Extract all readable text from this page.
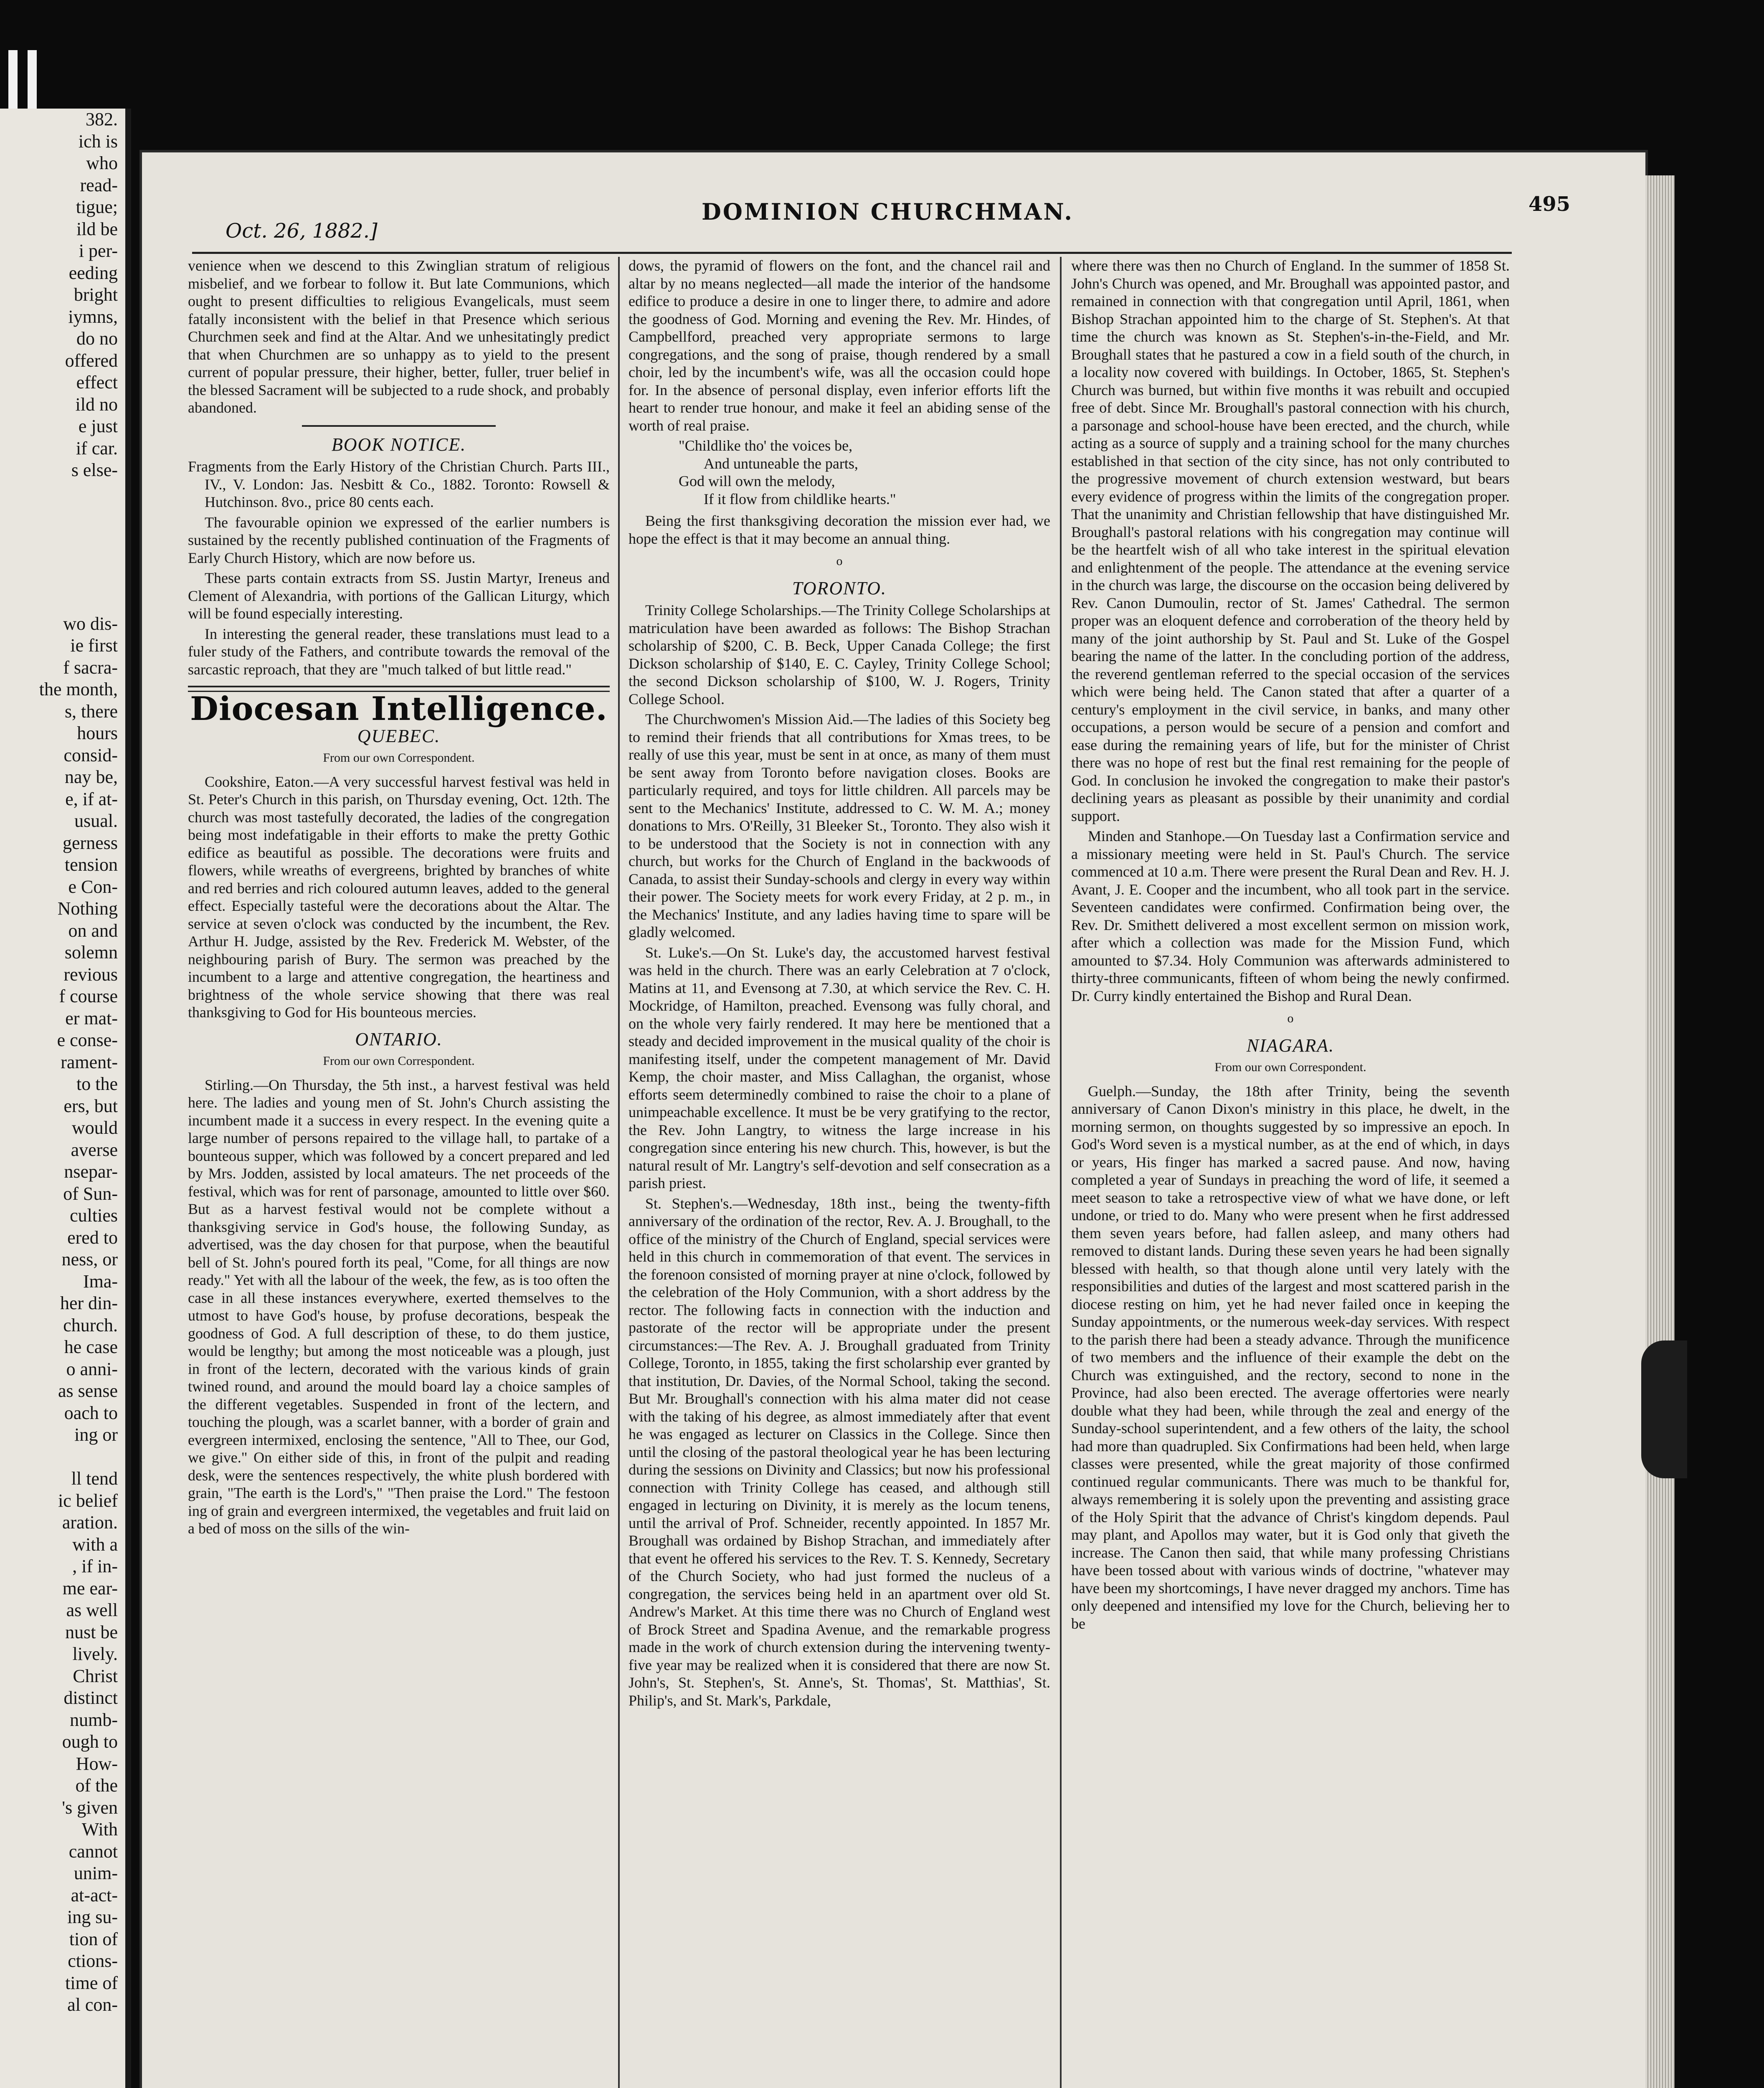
382.
ich is
who
read-
tigue;
ild be
i per-
eeding
bright
iymns,
do no
offered
effect
ild no
e just
if car.
s else-

wo dis-
ie first
f sacra-
the month,
s, there
hours
consid-
nay be,
e, if at-
usual.
gerness
tension
e Con-
Nothing
on and
solemn
revious
f course
er mat-
e conse-
rament-
to the
ers, but
would
averse
nsepar-
of Sun-
culties
ered to
ness, or
Ima-
her din-
church.
he case
o anni-
as sense
oach to
ing or

ll tend
ic belief
aration.
with a
, if in-
me ear-
as well
nust be
lively.
Christ
distinct
numb-
ough to
How-
of the
's given
With
cannot
unim-
at-act-
ing su-
tion of
ctions-
time of
al con-
Oct. 26, 1882.]
DOMINION CHURCHMAN.	495

venience when we descend to this Zwinglian stratum of religious misbelief, and we forbear to follow it. But late Communions, which ought to present difficulties to religious Evangelicals, must seem fatally inconsistent with the belief in that Presence which serious Churchmen seek and find at the Altar. And we unhesitatingly predict that when Churchmen are so unhappy as to yield to the present current of popular pressure, their higher, better, fuller, truer belief in the blessed Sacrament will be subjected to a rude shock, and probably abandoned.

BOOK NOTICE.

Fragments from the Early History of the Christian Church. Parts III., IV., V. London: Jas. Nesbitt & Co., 1882. Toronto: Rowsell & Hutchinson. 8vo., price 80 cents each.

The favourable opinion we expressed of the earlier numbers is sustained by the recently published continuation of the Fragments of Early Church History, which are now before us.

These parts contain extracts from SS. Justin Martyr, Ireneus and Clement of Alexandria, with portions of the Gallican Liturgy, which will be found especially interesting.

In interesting the general reader, these translations must lead to a fuler study of the Fathers, and contribute towards the removal of the sarcastic reproach, that they are "much talked of but little read."

Diocesan Intelligence.
QUEBEC.
From our own Correspondent.

Cookshire, Eaton.—A very successful harvest festival was held in St. Peter's Church in this parish, on Thursday evening, Oct. 12th. The church was most tastefully decorated, the ladies of the congregation being most indefatigable in their efforts to make the pretty Gothic edifice as beautiful as possible. The decorations were fruits and flowers, while wreaths of evergreens, brighted by branches of white and red berries and rich coloured autumn leaves, added to the general effect. Especially tasteful were the decorations about the Altar. The service at seven o'clock was conducted by the incumbent, the Rev. Arthur H. Judge, assisted by the Rev. Frederick M. Webster, of the neighbouring parish of Bury. The sermon was preached by the incumbent to a large and attentive congregation, the heartiness and brightness of the whole service showing that there was real thanksgiving to God for His bounteous mercies.

ONTARIO.
From our own Correspondent.

Stirling.—On Thursday, the 5th inst., a harvest festival was held here. The ladies and young men of St. John's Church assisting the incumbent made it a success in every respect. In the evening quite a large number of persons repaired to the village hall, to partake of a bounteous supper, which was followed by a concert prepared and led by Mrs. Jodden, assisted by local amateurs. The net proceeds of the festival, which was for rent of parsonage, amounted to little over $60. But as a harvest festival would not be complete without a thanksgiving service in God's house, the following Sunday, as advertised, was the day chosen for that purpose, when the beautiful bell of St. John's poured forth its peal, "Come, for all things are now ready." Yet with all the labour of the week, the few, as is too often the case in all these instances everywhere, exerted themselves to the utmost to have God's house, by profuse decorations, bespeak the goodness of God. A full description of these, to do them justice, would be lengthy; but among the most noticeable was a plough, just in front of the lectern, decorated with the various kinds of grain twined round, and around the mould board lay a choice samples of the different vegetables. Suspended in front of the lectern, and touching the plough, was a scarlet banner, with a border of grain and evergreen intermixed, enclosing the sentence, "All to Thee, our God, we give." On either side of this, in front of the pulpit and reading desk, were the sentences respectively, the white plush bordered with grain, "The earth is the Lord's," "Then praise the Lord." The festoon ing of grain and evergreen intermixed, the vegetables and fruit laid on a bed of moss on the sills of the win-

dows, the pyramid of flowers on the font, and the chancel rail and altar by no means neglected—all made the interior of the handsome edifice to produce a desire in one to linger there, to admire and adore the goodness of God. Morning and evening the Rev. Mr. Hindes, of Campbellford, preached very appropriate sermons to large congregations, and the song of praise, though rendered by a small choir, led by the incumbent's wife, was all the occasion could hope for. In the absence of personal display, even inferior efforts lift the heart to render true honour, and make it feel an abiding sense of the worth of real praise.

"Childlike tho' the voices be,
And untuneable the parts,
God will own the melody,
If it flow from childlike hearts."

Being the first thanksgiving decoration the mission ever had, we hope the effect is that it may become an annual thing.

o
TORONTO.

Trinity College Scholarships.—The Trinity College Scholarships at matriculation have been awarded as follows: The Bishop Strachan scholarship of $200, C. B. Beck, Upper Canada College; the first Dickson scholarship of $140, E. C. Cayley, Trinity College School; the second Dickson scholarship of $100, W. J. Rogers, Trinity College School.

The Churchwomen's Mission Aid.—The ladies of this Society beg to remind their friends that all contributions for Xmas trees, to be really of use this year, must be sent in at once, as many of them must be sent away from Toronto before navigation closes. Books are particularly required, and toys for little children. All parcels may be sent to the Mechanics' Institute, addressed to C. W. M. A.; money donations to Mrs. O'Reilly, 31 Bleeker St., Toronto. They also wish it to be understood that the Society is not in connection with any church, but works for the Church of England in the backwoods of Canada, to assist their Sunday-schools and clergy in every way within their power. The Society meets for work every Friday, at 2 p. m., in the Mechanics' Institute, and any ladies having time to spare will be gladly welcomed.

St. Luke's.—On St. Luke's day, the accustomed harvest festival was held in the church. There was an early Celebration at 7 o'clock, Matins at 11, and Evensong at 7.30, at which service the Rev. C. H. Mockridge, of Hamilton, preached. Evensong was fully choral, and on the whole very fairly rendered. It may here be mentioned that a steady and decided improvement in the musical quality of the choir is manifesting itself, under the competent management of Mr. David Kemp, the choir master, and Miss Callaghan, the organist, whose efforts seem determinedly combined to raise the choir to a plane of unimpeachable excellence. It must be be very gratifying to the rector, the Rev. John Langtry, to witness the large increase in his congregation since entering his new church. This, however, is but the natural result of Mr. Langtry's self-devotion and self consecration as a parish priest.

St. Stephen's.—Wednesday, 18th inst., being the twenty-fifth anniversary of the ordination of the rector, Rev. A. J. Broughall, to the office of the ministry of the Church of England, special services were held in this church in commemoration of that event. The services in the forenoon consisted of morning prayer at nine o'clock, followed by the celebration of the Holy Communion, with a short address by the rector. The following facts in connection with the induction and pastorate of the rector will be appropriate under the present circumstances:—The Rev. A. J. Broughall graduated from Trinity College, Toronto, in 1855, taking the first scholarship ever granted by that institution, Dr. Davies, of the Normal School, taking the second. But Mr. Broughall's connection with his alma mater did not cease with the taking of his degree, as almost immediately after that event he was engaged as lecturer on Classics in the College. Since then until the closing of the pastoral theological year he has been lecturing during the sessions on Divinity and Classics; but now his professional connection with Trinity College has ceased, and although still engaged in lecturing on Divinity, it is merely as the locum tenens, until the arrival of Prof. Schneider, recently appointed. In 1857 Mr. Broughall was ordained by Bishop Strachan, and immediately after that event he offered his services to the Rev. T. S. Kennedy, Secretary of the Church Society, who had just formed the nucleus of a congregation, the services being held in an apartment over old St. Andrew's Market. At this time there was no Church of England west of Brock Street and Spadina Avenue, and the remarkable progress made in the work of church extension during the intervening twenty-five year may be realized when it is considered that there are now St. John's, St. Stephen's, St. Anne's, St. Thomas', St. Matthias', St. Philip's, and St. Mark's, Parkdale,

where there was then no Church of England. In the summer of 1858 St. John's Church was opened, and Mr. Broughall was appointed pastor, and remained in connection with that congregation until April, 1861, when Bishop Strachan appointed him to the charge of St. Stephen's. At that time the church was known as St. Stephen's-in-the-Field, and Mr. Broughall states that he pastured a cow in a field south of the church, in a locality now covered with buildings. In October, 1865, St. Stephen's Church was burned, but within five months it was rebuilt and occupied free of debt. Since Mr. Broughall's pastoral connection with his church, a parsonage and school-house have been erected, and the church, while acting as a source of supply and a training school for the many churches established in that section of the city since, has not only contributed to the progressive movement of church extension westward, but bears every evidence of progress within the limits of the congregation proper. That the unanimity and Christian fellowship that have distinguished Mr. Broughall's pastoral relations with his congregation may continue will be the heartfelt wish of all who take interest in the spiritual elevation and enlightenment of the people. The attendance at the evening service in the church was large, the discourse on the occasion being delivered by Rev. Canon Dumoulin, rector of St. James' Cathedral. The sermon proper was an eloquent defence and corroberation of the theory held by many of the joint authorship by St. Paul and St. Luke of the Gospel bearing the name of the latter. In the concluding portion of the address, the reverend gentleman referred to the special occasion of the services which were being held. The Canon stated that after a quarter of a century's employment in the civil service, in banks, and many other occupations, a person would be secure of a pension and comfort and ease during the remaining years of life, but for the minister of Christ there was no hope of rest but the final rest remaining for the people of God. In conclusion he invoked the congregation to make their pastor's declining years as pleasant as possible by their unanimity and cordial support.

Minden and Stanhope.—On Tuesday last a Confirmation service and a missionary meeting were held in St. Paul's Church. The service commenced at 10 a.m. There were present the Rural Dean and Rev. H. J. Avant, J. E. Cooper and the incumbent, who all took part in the service. Seventeen candidates were confirmed. Confirmation being over, the Rev. Dr. Smithett delivered a most excellent sermon on mission work, after which a collection was made for the Mission Fund, which amounted to $7.34. Holy Communion was afterwards administered to thirty-three communicants, fifteen of whom being the newly confirmed. Dr. Curry kindly entertained the Bishop and Rural Dean.

o
NIAGARA.
From our own Correspondent.

Guelph.—Sunday, the 18th after Trinity, being the seventh anniversary of Canon Dixon's ministry in this place, he dwelt, in the morning sermon, on thoughts suggested by so impressive an epoch. In God's Word seven is a mystical number, as at the end of which, in days or years, His finger has marked a sacred pause. And now, having completed a year of Sundays in preaching the word of life, it seemed a meet season to take a retrospective view of what we have done, or left undone, or tried to do. Many who were present when he first addressed them seven years before, had fallen asleep, and many others had removed to distant lands. During these seven years he had been signally blessed with health, so that though alone until very lately with the responsibilities and duties of the largest and most scattered parish in the diocese resting on him, yet he had never failed once in keeping the Sunday appointments, or the numerous week-day services. With respect to the parish there had been a steady advance. Through the munificence of two members and the influence of their example the debt on the Church was extinguished, and the rectory, second to none in the Province, had also been erected. The average offertories were nearly double what they had been, while through the zeal and energy of the Sunday-school superintendent, and a few others of the laity, the school had more than quadrupled. Six Confirmations had been held, when large classes were presented, while the great majority of those confirmed continued regular communicants. There was much to be thankful for, always remembering it is solely upon the preventing and assisting grace of the Holy Spirit that the advance of Christ's kingdom depends. Paul may plant, and Apollos may water, but it is God only that giveth the increase. The Canon then said, that while many professing Christians have been tossed about with various winds of doctrine, "whatever may have been my shortcomings, I have never dragged my anchors. Time has only deepened and intensified my love for the Church, believing her to be
